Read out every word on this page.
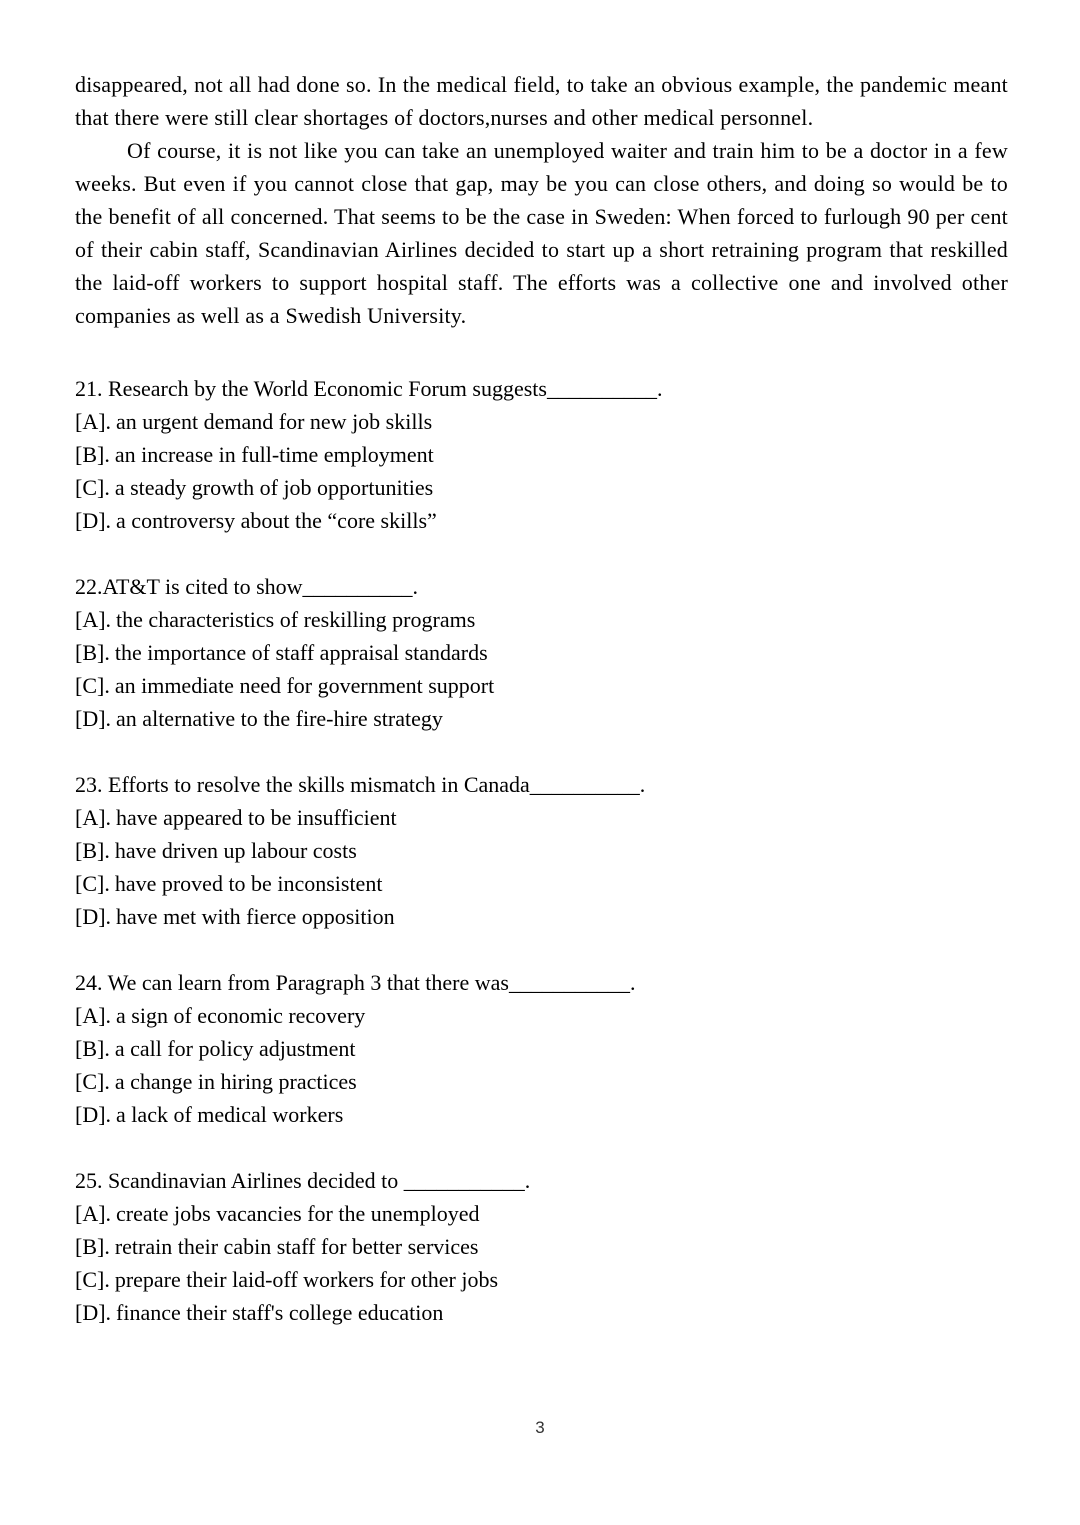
disappeared, not all had done so. In the medical field, to take an obvious example, the pandemic meant that there were still clear shortages of doctors,nurses and other medical personnel.

Of course, it is not like you can take an unemployed waiter and train him to be a doctor in a few weeks. But even if you cannot close that gap, may be you can close others, and doing so would be to the benefit of all concerned. That seems to be the case in Sweden: When forced to furlough 90 per cent of their cabin staff, Scandinavian Airlines decided to start up a short retraining program that reskilled the laid-off workers to support hospital staff. The efforts was a collective one and involved other companies as well as a Swedish University.

21. Research by the World Economic Forum suggests__________.

[A]. an urgent demand for new job skills

[B]. an increase in full-time employment

[C]. a steady growth of job opportunities

[D]. a controversy about the “core skills”

22.AT&T is cited to show__________.

[A]. the characteristics of reskilling programs

[B]. the importance of staff appraisal standards

[C]. an immediate need for government support

[D]. an alternative to the fire-hire strategy

23. Efforts to resolve the skills mismatch in Canada__________.

[A]. have appeared to be insufficient

[B]. have driven up labour costs

[C]. have proved to be inconsistent

[D]. have met with fierce opposition

24. We can learn from Paragraph 3 that there was___________.

[A]. a sign of economic recovery

[B]. a call for policy adjustment

[C]. a change in hiring practices

[D]. a lack of medical workers

25. Scandinavian Airlines decided to ___________.

[A]. create jobs vacancies for the unemployed

[B]. retrain their cabin staff for better services

[C]. prepare their laid-off workers for other jobs

[D]. finance their staff's college education

3
